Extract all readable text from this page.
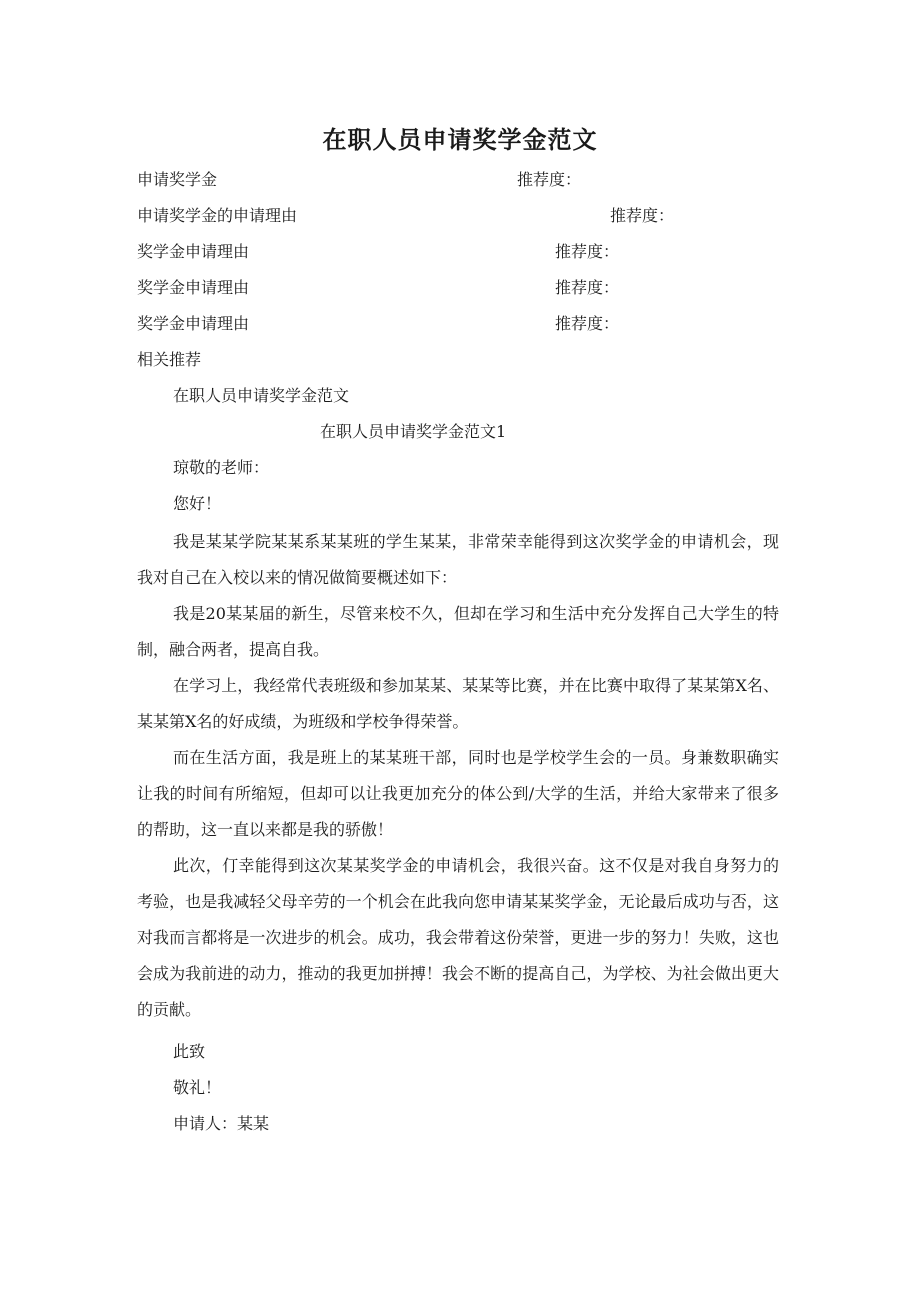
在职人员申请奖学金范文
申请奖学金	推荐度：
申请奖学金的申请理由	推荐度：
奖学金申请理由	推荐度：
奖学金申请理由	推荐度：
奖学金申请理由	推荐度：
相关推荐
在职人员申请奖学金范文
在职人员申请奖学金范文1
琼敬的老师：
您好！

我是某某学院某某系某某班的学生某某，非常荣幸能得到这次奖学金的申请机会，现我对自己在入校以来的情况做简要概述如下：

我是20某某届的新生，尽管来校不久，但却在学习和生活中充分发挥自己大学生的特制，融合两者，提高自我。

在学习上，我经常代表班级和参加某某、某某等比赛，并在比赛中取得了某某第X名、某某第X名的好成绩，为班级和学校争得荣誉。

而在生活方面，我是班上的某某班干部，同时也是学校学生会的一员。身兼数职确实让我的时间有所缩短，但却可以让我更加充分的体公到/大学的生活，并给大家带来了很多的帮助，这一直以来都是我的骄傲！

此次，仃幸能得到这次某某奖学金的申请机会，我很兴奋。这不仅是对我自身努力的考验，也是我减轻父母辛劳的一个机会在此我向您申请某某奖学金，无论最后成功与否，这对我而言都将是一次进步的机会。成功，我会带着这份荣誉，更进一步的努力！失败，这也会成为我前进的动力，推动的我更加拼搏！我会不断的提高自己，为学校、为社会做出更大的贡献。

此致
敬礼！
申请人：某某
